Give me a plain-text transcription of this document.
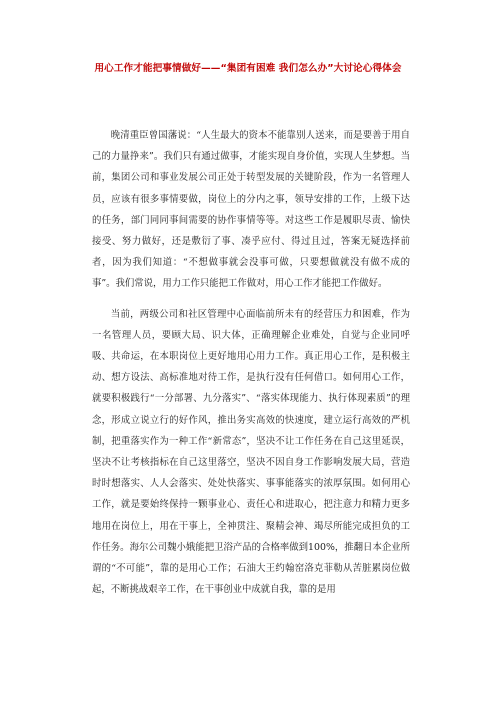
用心工作才能把事情做好——“集团有困难 我们怎么办”大讨论心得体会

晚清重臣曾国藩说：“人生最大的资本不能靠别人送来，而是要善于用自己的力量挣来”。我们只有通过做事，才能实现自身价值，实现人生梦想。当前，集团公司和事业发展公司正处于转型发展的关键阶段，作为一名管理人员，应该有很多事情要做，岗位上的分内之事，领导安排的工作，上级下达的任务，部门同同事间需要的协作事情等等。对这些工作是履职尽责、愉快接受、努力做好，还是敷衍了事、凑乎应付、得过且过，答案无疑选择前者，因为我们知道：“不想做事就会没事可做，只要想做就没有做不成的事”。我们常说，用力工作只能把工作做对，用心工作才能把工作做好。

当前，两级公司和社区管理中心面临前所未有的经营压力和困难，作为一名管理人员，要顾大局、识大体，正确理解企业难处，自觉与企业同呼吸、共命运，在本职岗位上更好地用心用力工作。真正用心工作，是积极主动、想方设法、高标准地对待工作，是执行没有任何借口。如何用心工作，就要积极践行“一分部署、九分落实”、“落实体现能力、执行体现素质”的理念，形成立说立行的好作风，推出务实高效的快速度，建立运行高效的严机制，把重落实作为一种工作“新常态”，坚决不让工作任务在自己这里延误，坚决不让考核指标在自己这里落空，坚决不因自身工作影响发展大局，营造时时想落实、人人会落实、处处快落实、事事能落实的浓厚氛围。如何用心工作，就是要始终保持一颗事业心、责任心和进取心，把注意力和精力更多地用在岗位上，用在干事上，全神贯注、聚精会神、竭尽所能完成担负的工作任务。海尔公司魏小娥能把卫浴产品的合格率做到100%，推翻日本企业所谓的“不可能”，靠的是用心工作；石油大王约翰窑洛克菲勒从苦脏累岗位做起，不断挑战艰辛工作，在干事创业中成就自我，靠的是用
